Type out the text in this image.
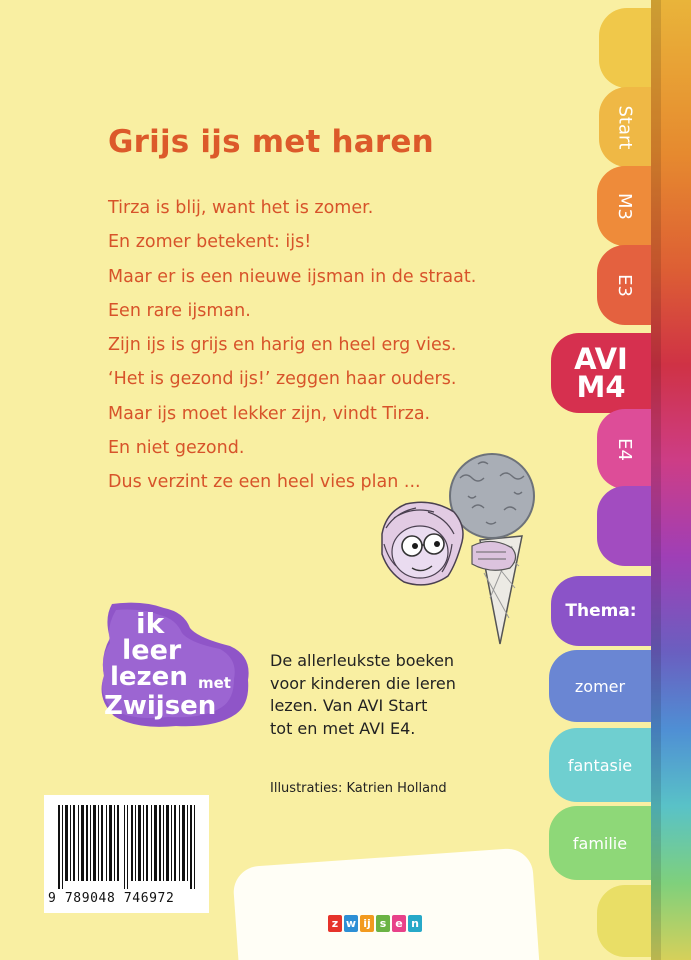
Grijs ijs met haren
Tirza is blij, want het is zomer.
En zomer betekent: ijs!
Maar er is een nieuwe ijsman in de straat.
Een rare ijsman.
Zijn ijs is grijs en harig en heel erg vies.
‘Het is gezond ijs!’ zeggen haar ouders.
Maar ijs moet lekker zijn, vindt Tirza.
En niet gezond.
Dus verzint ze een heel vies plan ...
ik
leer
lezen met
Zwijsen
De allerleukste boeken
voor kinderen die leren
lezen. Van AVI Start
tot en met AVI E4.

Illustraties: Katrien Holland

9 789048 746972
z w ij s e n
Start
M3
E3
AVI
M4
E4
Thema:
zomer
fantasie
familie
